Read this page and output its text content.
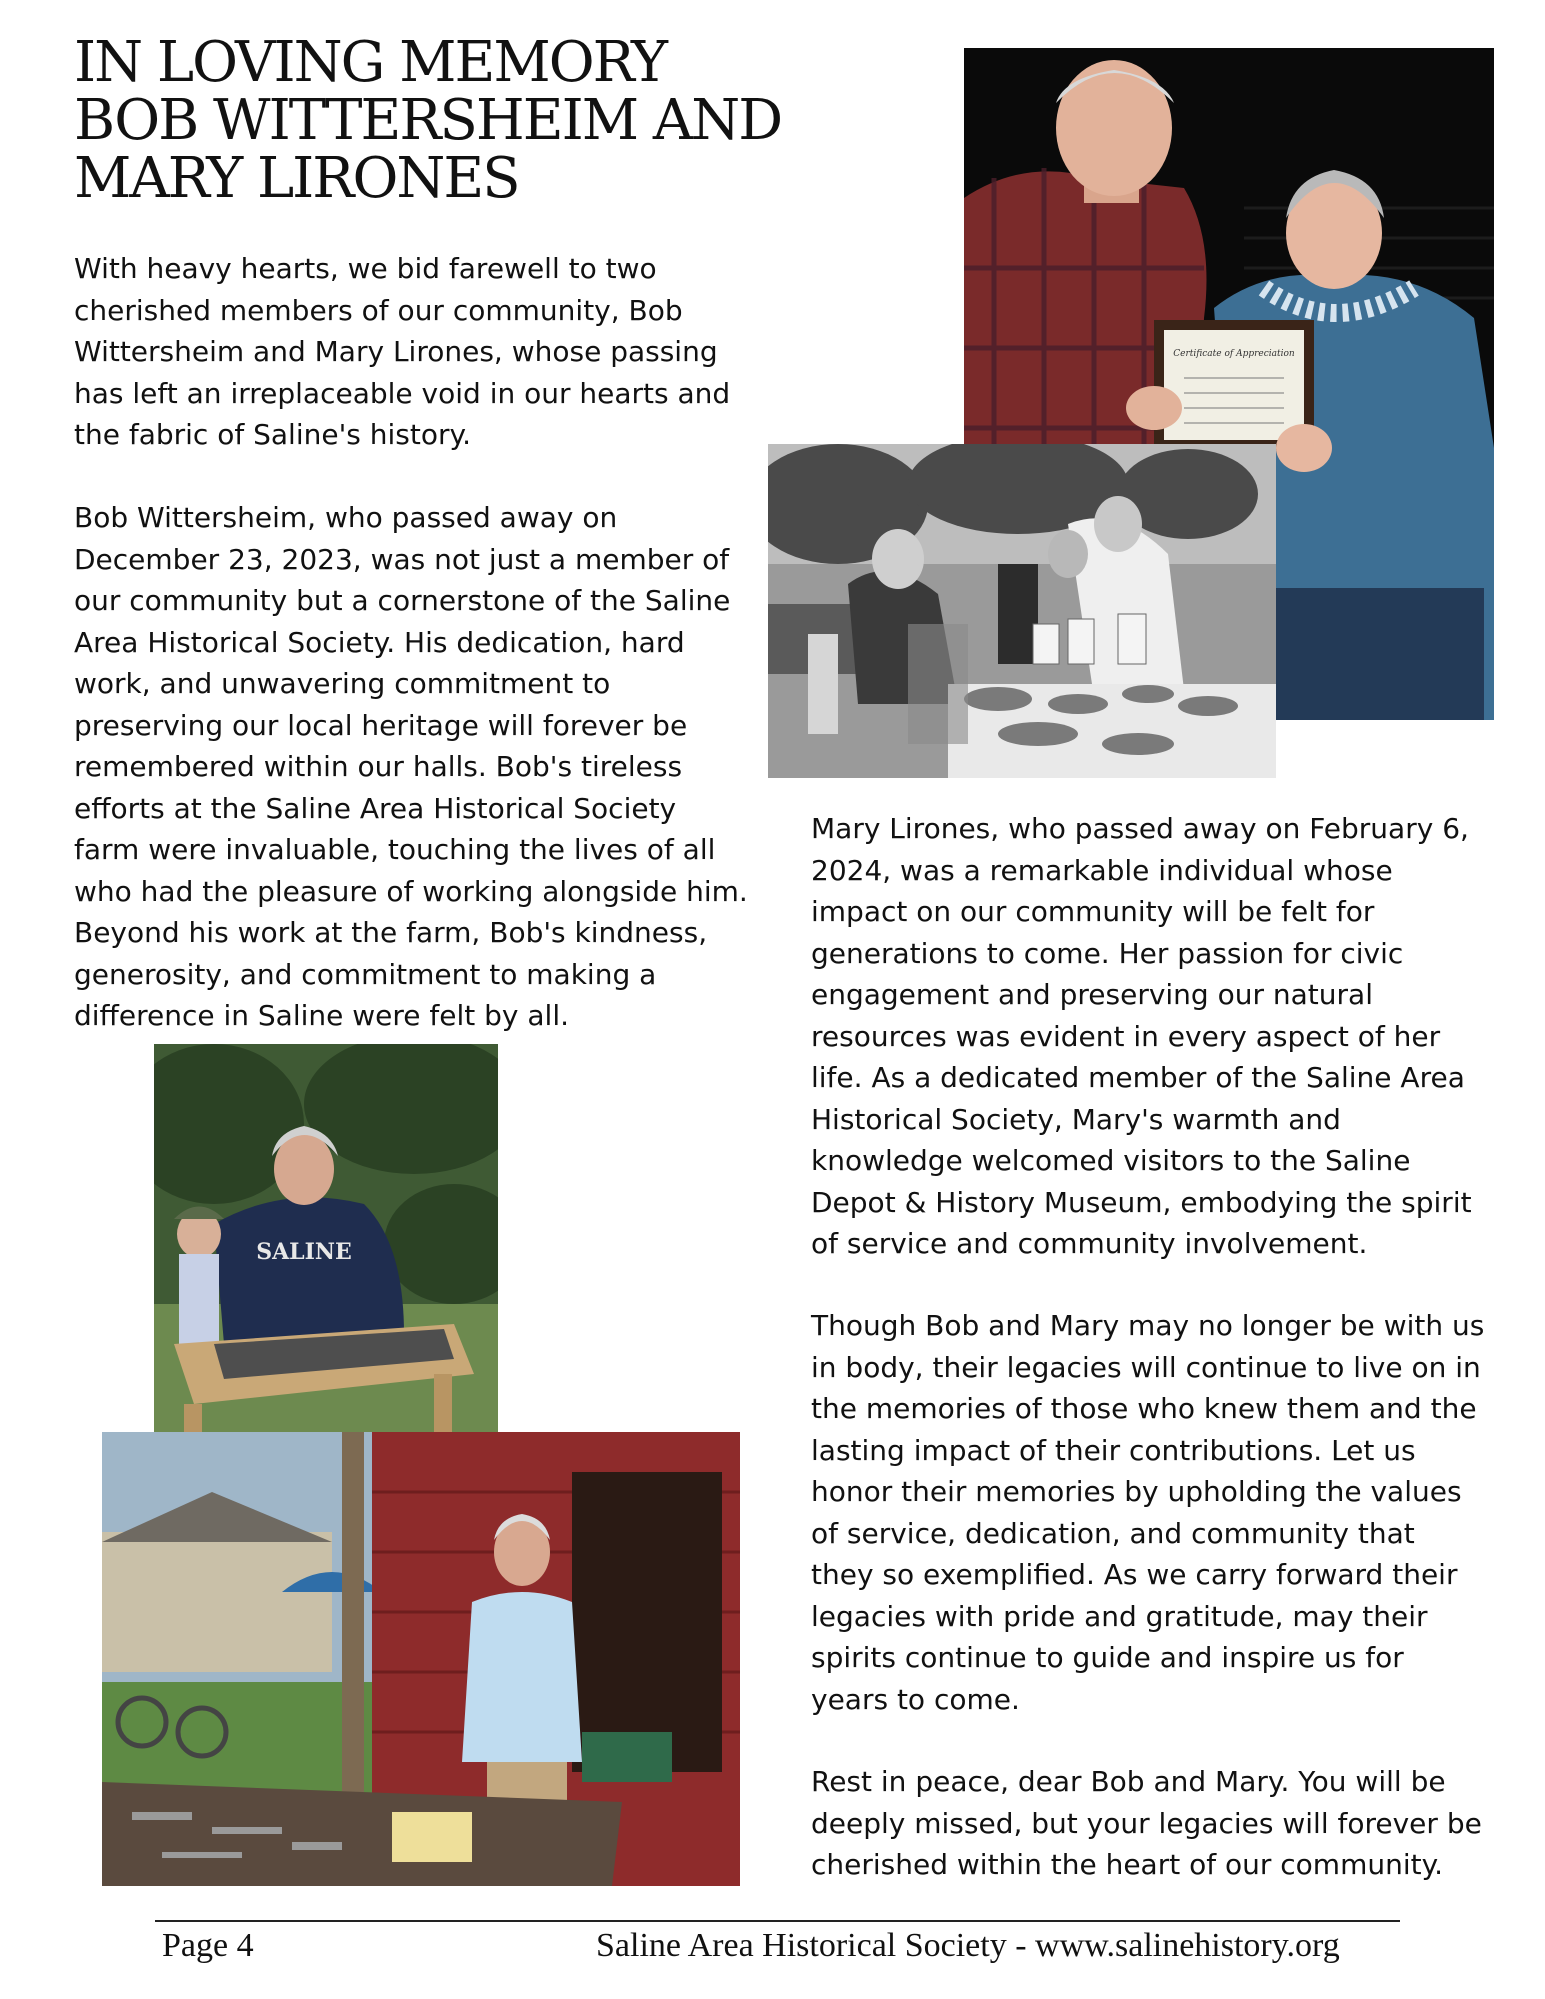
IN LOVING MEMORY
BOB WITTERSHEIM AND
MARY LIRONES

With heavy hearts, we bid farewell to two
cherished members of our community, Bob
Wittersheim and Mary Lirones, whose passing
has left an irreplaceable void in our hearts and
the fabric of Saline's history.

Bob Wittersheim, who passed away on
December 23, 2023, was not just a member of
our community but a cornerstone of the Saline
Area Historical Society. His dedication, hard
work, and unwavering commitment to
preserving our local heritage will forever be
remembered within our halls. Bob's tireless
efforts at the Saline Area Historical Society
farm were invaluable, touching the lives of all
who had the pleasure of working alongside him.
Beyond his work at the farm, Bob's kindness,
generosity, and commitment to making a
difference in Saline were felt by all.

Mary Lirones, who passed away on February 6,
2024, was a remarkable individual whose
impact on our community will be felt for
generations to come. Her passion for civic
engagement and preserving our natural
resources was evident in every aspect of her
life. As a dedicated member of the Saline Area
Historical Society, Mary's warmth and
knowledge welcomed visitors to the Saline
Depot & History Museum, embodying the spirit
of service and community involvement.

Though Bob and Mary may no longer be with us
in body, their legacies will continue to live on in
the memories of those who knew them and the
lasting impact of their contributions. Let us
honor their memories by upholding the values
of service, dedication, and community that
they so exemplified. As we carry forward their
legacies with pride and gratitude, may their
spirits continue to guide and inspire us for
years to come.

Rest in peace, dear Bob and Mary. You will be
deeply missed, but your legacies will forever be
cherished within the heart of our community.

Certificate of Appreciation
SALINE
Page 4	Saline Area Historical Society - www.salinehistory.org
